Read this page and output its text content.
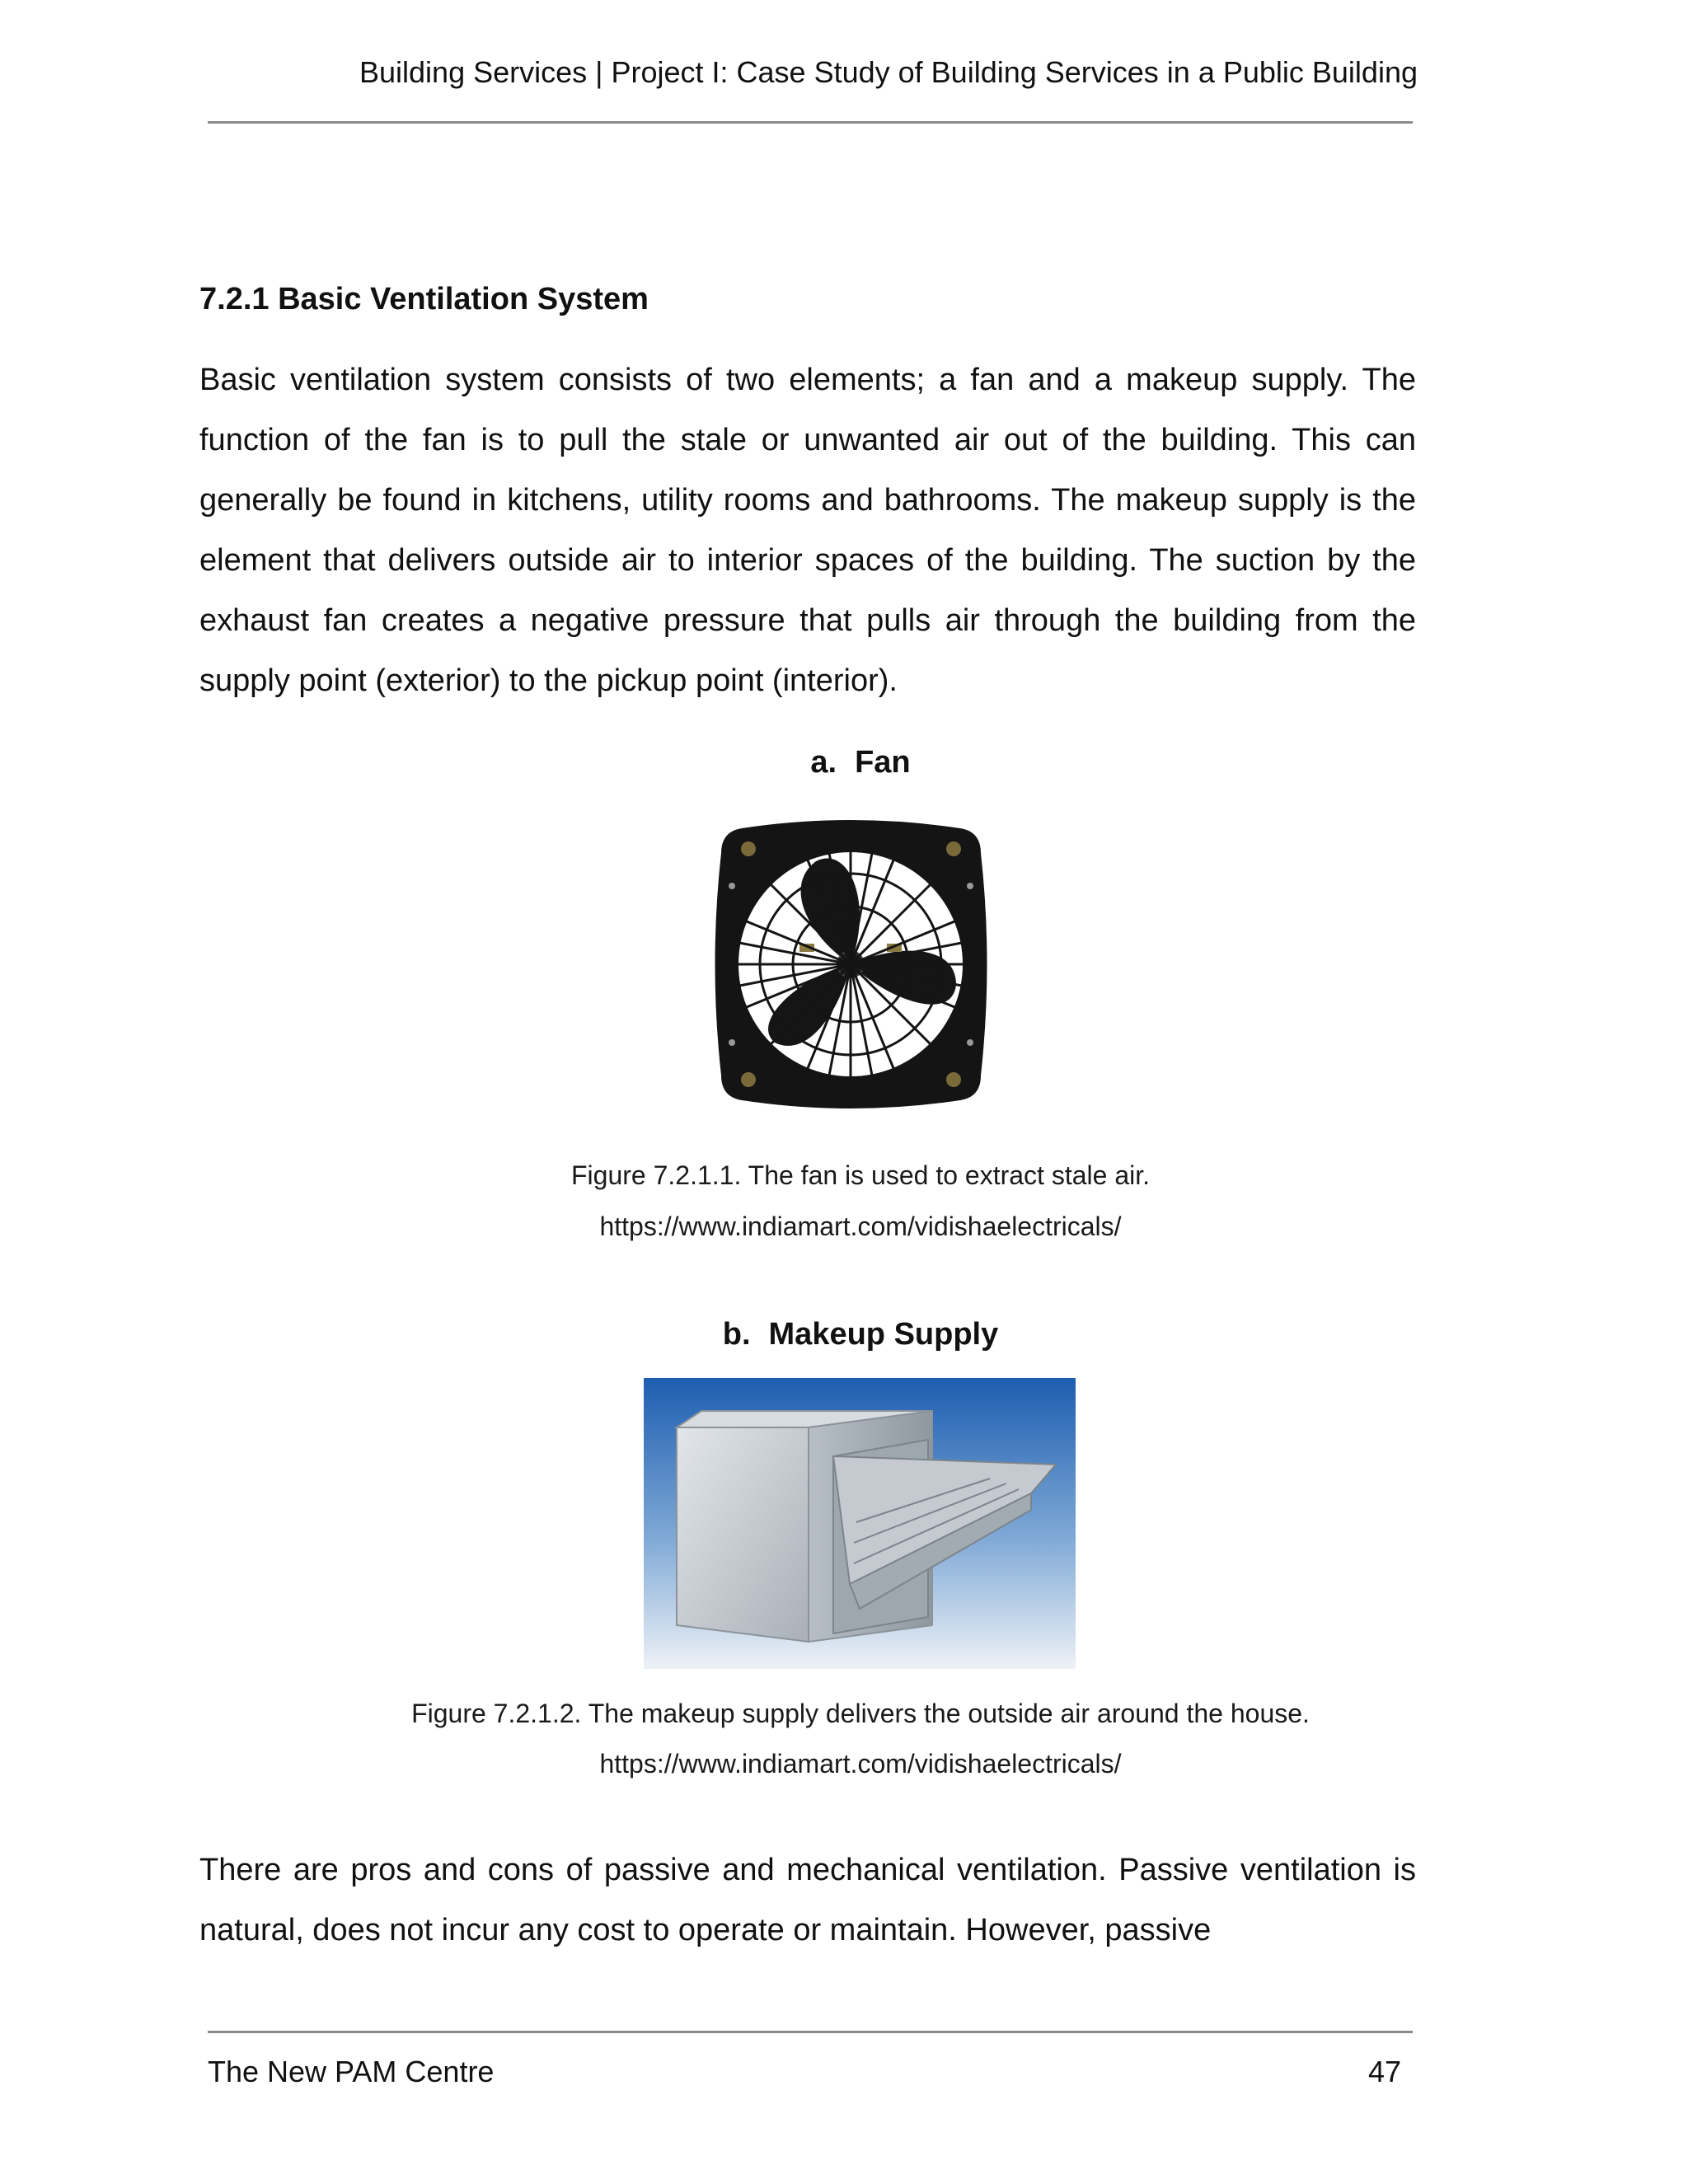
Building Services | Project I: Case Study of Building Services in a Public Building
7.2.1 Basic Ventilation System

Basic ventilation system consists of two elements; a fan and a makeup supply. The function of the fan is to pull the stale or unwanted air out of the building. This can generally be found in kitchens, utility rooms and bathrooms. The makeup supply is the element that delivers outside air to interior spaces of the building. The suction by the exhaust fan creates a negative pressure that pulls air through the building from the supply point (exterior) to the pickup point (interior).

a. Fan
Figure 7.2.1.1. The fan is used to extract stale air.
https://www.indiamart.com/vidishaelectricals/
b. Makeup Supply
Figure 7.2.1.2. The makeup supply delivers the outside air around the house.
https://www.indiamart.com/vidishaelectricals/

There are pros and cons of passive and mechanical ventilation. Passive ventilation is natural, does not incur any cost to operate or maintain. However, passive

The New PAM Centre	47
